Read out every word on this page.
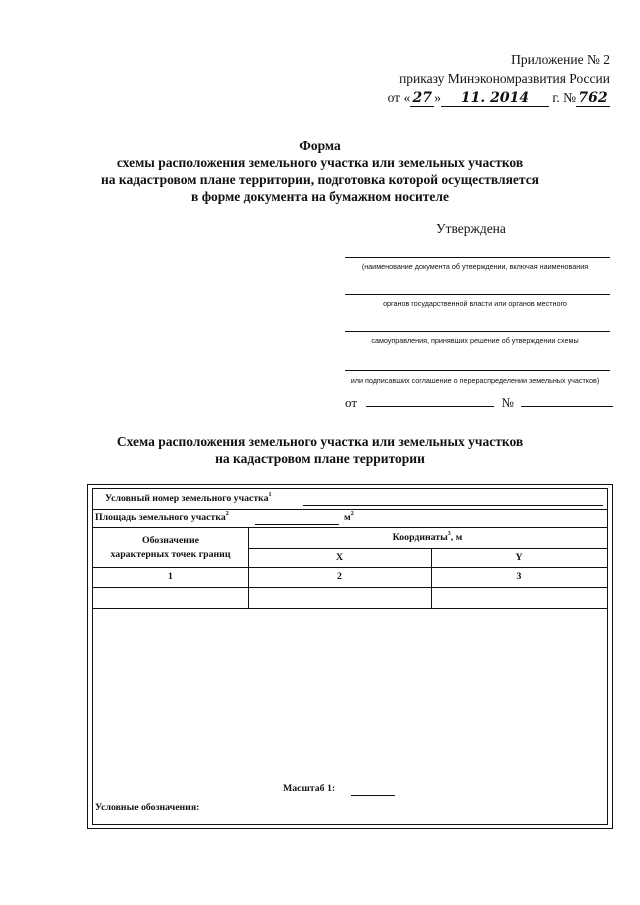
Приложение № 2
приказу Минэкономразвития России
от « 27 » 11. 2014 г. № 762
Форма
схемы расположения земельного участка или земельных участков
на кадастровом плане территории, подготовка которой осуществляется
в форме документа на бумажном носителе
Утверждена
(наименование документа об утверждении, включая наименования
органов государственной власти или органов местного
самоуправления, принявших решение об утверждении схемы
или подписавших соглашение о перераспределении земельных участков)
от	№
Схема расположения земельного участка или земельных участков
на кадастровом плане территории
Условный номер земельного участка$^1$
Площадь земельного участка$^2$	$м^2$
Обозначение
характерных точек границ
Координаты$^3$, м
X	Y
1	2	3
Масштаб 1:
Условные обозначения:
